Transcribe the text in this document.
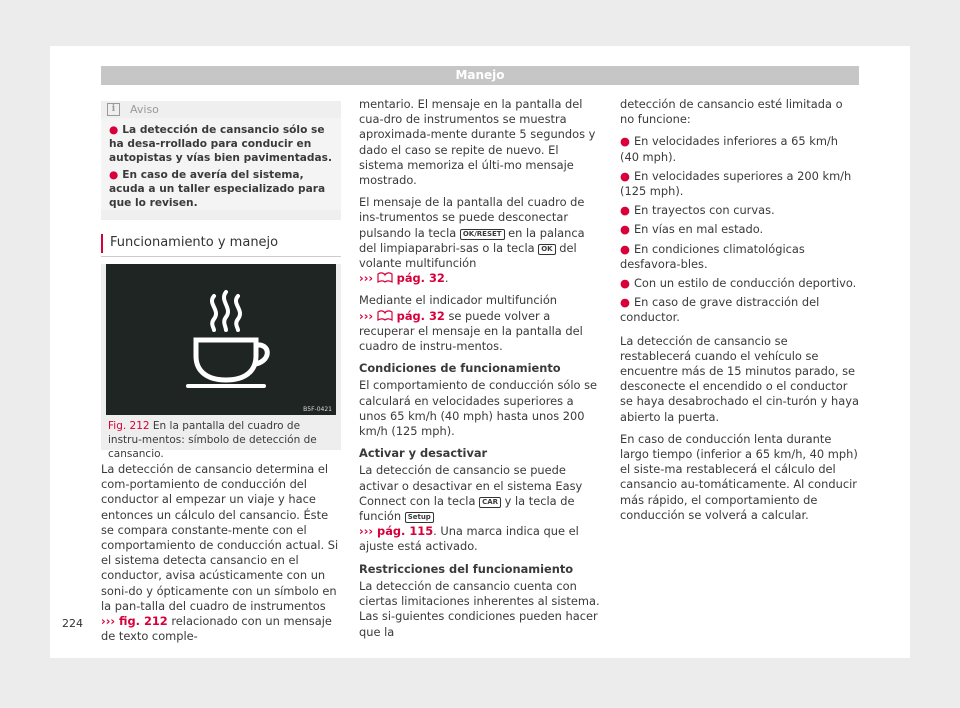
Manejo
i	Aviso
● La detección de cansancio sólo se ha desa-rrollado para conducir en autopistas y vías bien pavimentadas.
● En caso de avería del sistema, acuda a un taller especializado para que lo revisen.
Funcionamiento y manejo
B5F-0421
Fig. 212 En la pantalla del cuadro de instru-mentos: símbolo de detección de cansancio.

La detección de cansancio determina el com-portamiento de conducción del conductor al empezar un viaje y hace entonces un cálculo del cansancio. Éste se compara constante-mente con el comportamiento de conducción actual. Si el sistema detecta cansancio en el conductor, avisa acústicamente con un soni-do y ópticamente con un símbolo en la pan-talla del cuadro de instrumentos ››› fig. 212 relacionado con un mensaje de texto comple-

mentario. El mensaje en la pantalla del cua-dro de instrumentos se muestra aproximada-mente durante 5 segundos y dado el caso se repite de nuevo. El sistema memoriza el últi-mo mensaje mostrado.

El mensaje de la pantalla del cuadro de ins-trumentos se puede desconectar pulsando la tecla OK/RESET en la palanca del limpiaparabri-sas o la tecla OK del volante multifunción
›››  pág. 32.

Mediante el indicador multifunción
›››  pág. 32 se puede volver a recuperar el mensaje en la pantalla del cuadro de instru-mentos.

Condiciones de funcionamiento

El comportamiento de conducción sólo se calculará en velocidades superiores a unos 65 km/h (40 mph) hasta unos 200 km/h (125 mph).

Activar y desactivar

La detección de cansancio se puede activar o desactivar en el sistema Easy Connect con la tecla CAR y la tecla de función Setup
››› pág. 115. Una marca indica que el ajuste está activado.

Restricciones del funcionamiento

La detección de cansancio cuenta con ciertas limitaciones inherentes al sistema. Las si-guientes condiciones pueden hacer que la

detección de cansancio esté limitada o no funcione:

● En velocidades inferiores a 65 km/h (40 mph).
● En velocidades superiores a 200 km/h (125 mph).
● En trayectos con curvas.
● En vías en mal estado.
● En condiciones climatológicas desfavora-bles.
● Con un estilo de conducción deportivo.
● En caso de grave distracción del conductor.

La detección de cansancio se restablecerá cuando el vehículo se encuentre más de 15 minutos parado, se desconecte el encendido o el conductor se haya desabrochado el cin-turón y haya abierto la puerta.

En caso de conducción lenta durante largo tiempo (inferior a 65 km/h, 40 mph) el siste-ma restablecerá el cálculo del cansancio au-tomáticamente. Al conducir más rápido, el comportamiento de conducción se volverá a calcular.

224
